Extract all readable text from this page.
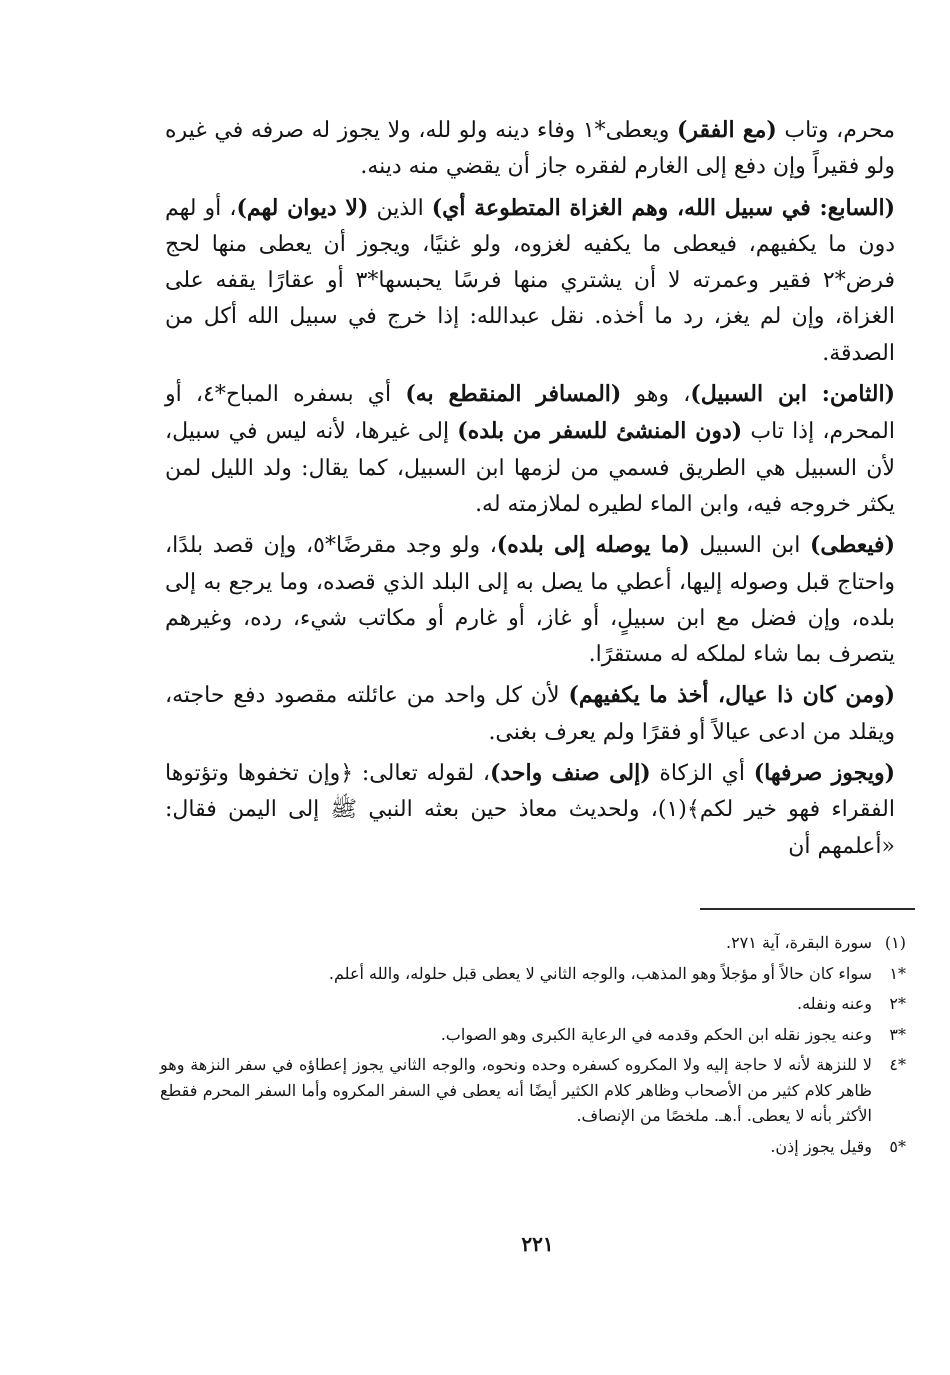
محرم، وتاب (مع الفقر) ويعطى*١ وفاء دينه ولو لله، ولا يجوز له صرفه في غيره ولو فقيراً وإن دفع إلى الغارم لفقره جاز أن يقضي منه دينه.

(السابع: في سبيل الله، وهم الغزاة المتطوعة أي) الذين (لا ديوان لهم)، أو لهم دون ما يكفيهم، فيعطى ما يكفيه لغزوه، ولو غنيًا، ويجوز أن يعطى منها لحج فرض*٢ فقير وعمرته لا أن يشتري منها فرسًا يحبسها*٣ أو عقارًا يقفه على الغزاة، وإن لم يغز، رد ما أخذه. نقل عبدالله: إذا خرج في سبيل الله أكل من الصدقة.

(الثامن: ابن السبيل)، وهو (المسافر المنقطع به) أي بسفره المباح*٤، أو المحرم، إذا تاب (دون المنشئ للسفر من بلده) إلى غيرها، لأنه ليس في سبيل، لأن السبيل هي الطريق فسمي من لزمها ابن السبيل، كما يقال: ولد الليل لمن يكثر خروجه فيه، وابن الماء لطيره لملازمته له.

(فيعطى) ابن السبيل (ما يوصله إلى بلده)، ولو وجد مقرضًا*٥، وإن قصد بلدًا، واحتاج قبل وصوله إليها، أعطي ما يصل به إلى البلد الذي قصده، وما يرجع به إلى بلده، وإن فضل مع ابن سبيلٍ، أو غاز، أو غارم أو مكاتب شيء، رده، وغيرهم يتصرف بما شاء لملكه له مستقرًا.

(ومن كان ذا عيال، أخذ ما يكفيهم) لأن كل واحد من عائلته مقصود دفع حاجته، ويقلد من ادعى عيالاً أو فقرًا ولم يعرف بغنى.

(ويجوز صرفها) أي الزكاة (إلى صنف واحد)، لقوله تعالى: ﴿وإن تخفوها وتؤتوها الفقراء فهو خير لكم﴾(١)، ولحديث معاذ حين بعثه النبي ﷺ إلى اليمن فقال: «أعلمهم أن

(١)
سورة البقرة، آية ٢٧١.
*١
سواء كان حالاً أو مؤجلاً وهو المذهب، والوجه الثاني لا يعطى قبل حلوله، والله أعلم.
*٢
وعنه ونفله.
*٣
وعنه يجوز نقله ابن الحكم وقدمه في الرعاية الكبرى وهو الصواب.
*٤
لا للنزهة لأنه لا حاجة إليه ولا المكروه كسفره وحده ونحوه، والوجه الثاني يجوز إعطاؤه في سفر النزهة وهو ظاهر كلام كثير من الأصحاب وظاهر كلام الكثير أيضًا أنه يعطى في السفر المكروه وأما السفر المحرم فقطع الأكثر بأنه لا يعطى. أ.هـ. ملخصًا من الإنصاف.
*٥
وقيل يجوز إذن.
٢٢١
